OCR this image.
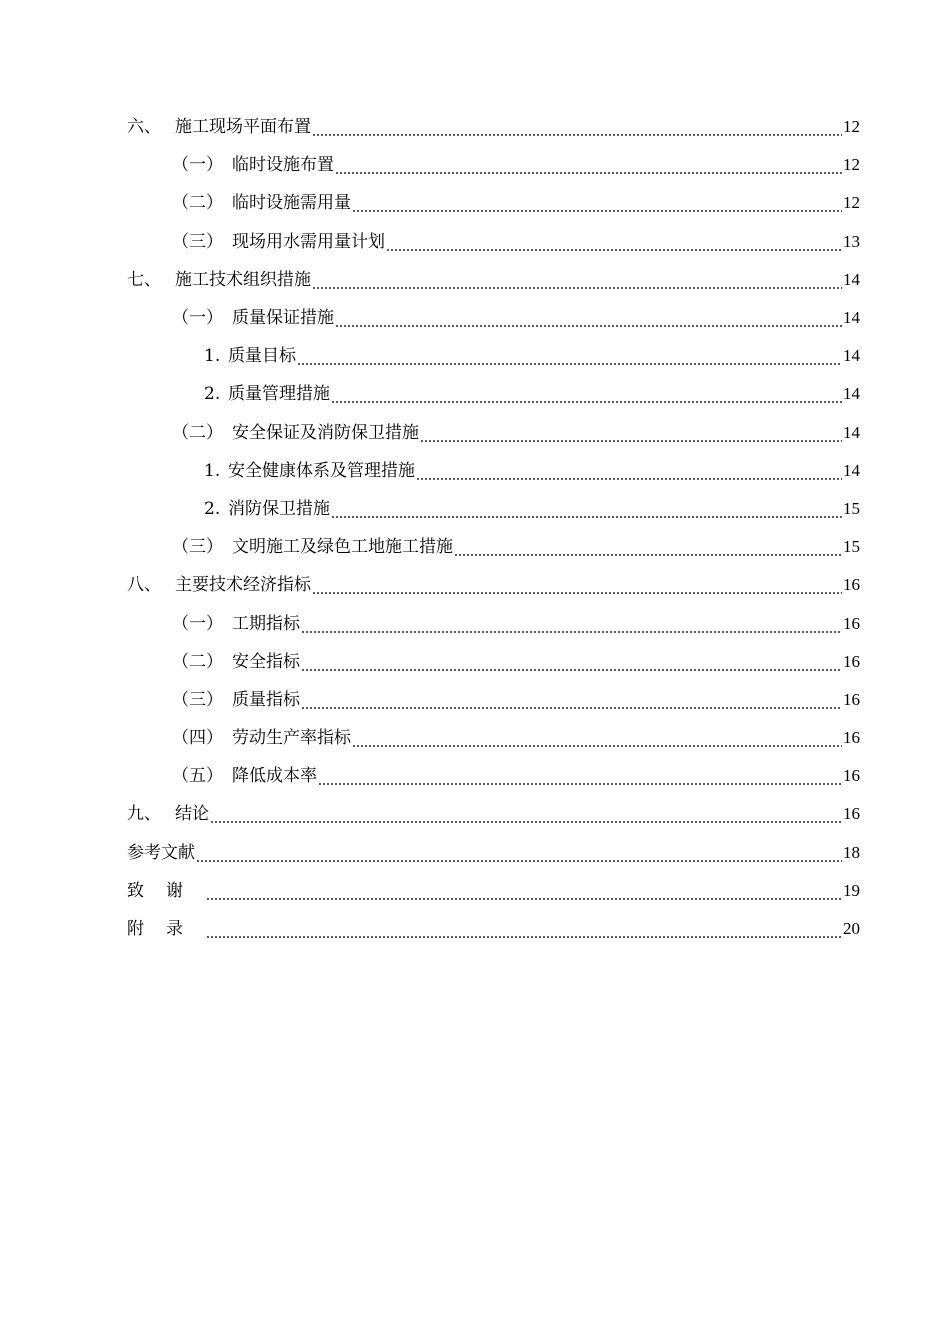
六、 施工现场平面布置	12
（一） 临时设施布置	12
（二） 临时设施需用量	12
（三） 现场用水需用量计划	13
七、 施工技术组织措施	14
（一） 质量保证措施	14
1. 质量目标	14
2. 质量管理措施	14
（二） 安全保证及消防保卫措施	14
1. 安全健康体系及管理措施	14
2. 消防保卫措施	15
（三） 文明施工及绿色工地施工措施	15
八、 主要技术经济指标	16
（一） 工期指标	16
（二） 安全指标	16
（三） 质量指标	16
（四） 劳动生产率指标	16
（五） 降低成本率	16
九、 结论	16
参考文献	18
致谢	19
附录	20
